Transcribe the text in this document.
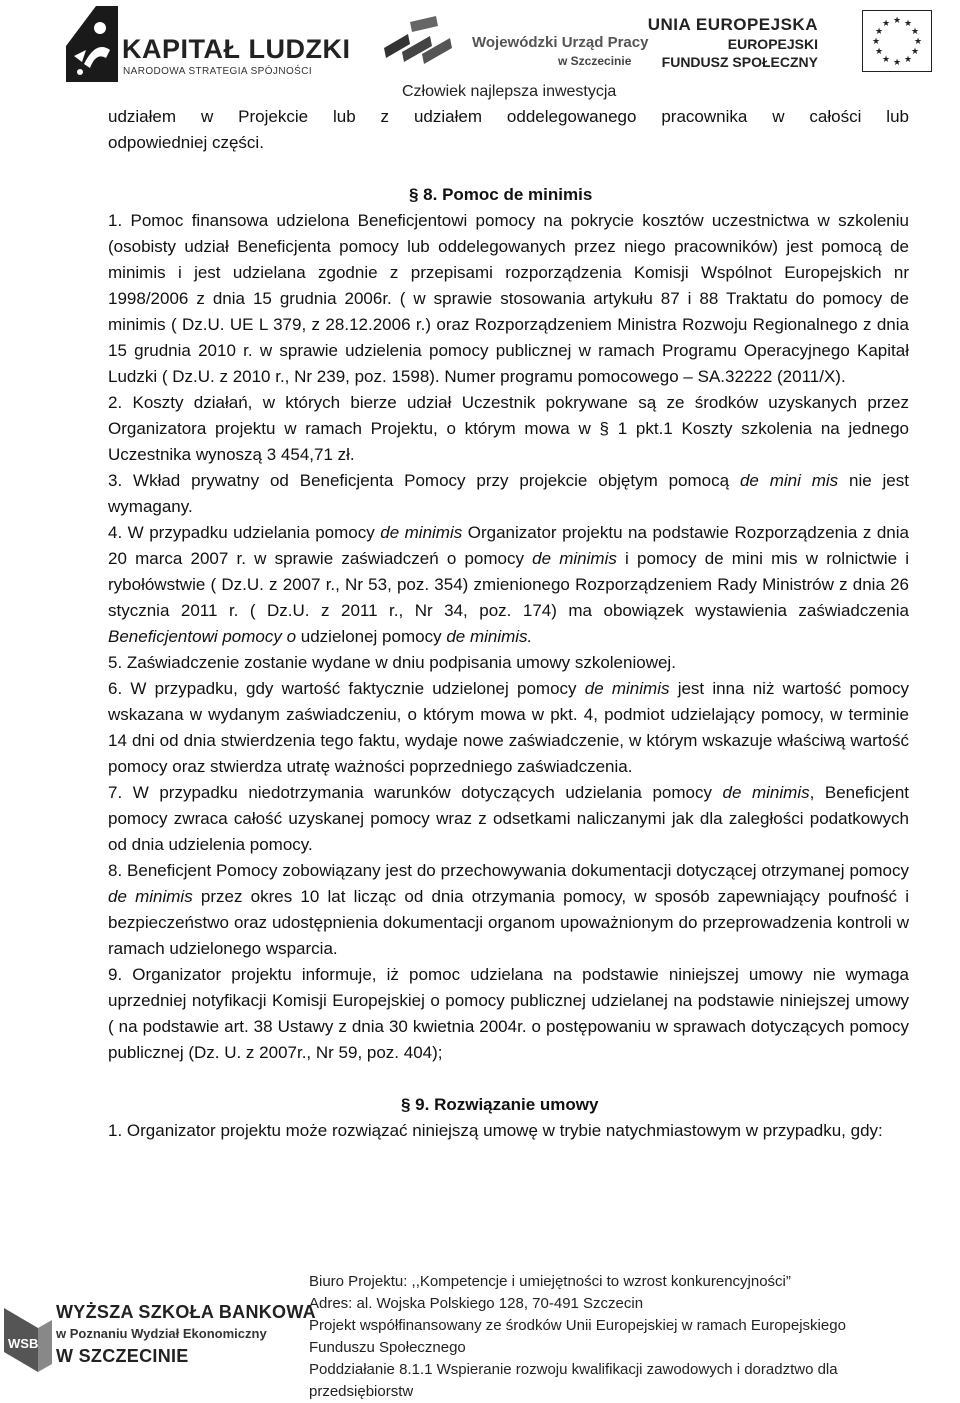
KAPITAŁ LUDZKI
NARODOWA STRATEGIA SPÓJNOŚCI
Wojewódzki Urząd Pracy
w Szczecinie
Człowiek najlepsza inwestycja
UNIA EUROPEJSKA
EUROPEJSKI
FUNDUSZ SPOŁECZNY
★ ★
★
★
★
★
★
★
★
★
★
★

udziałem w Projekcie lub z udziałem oddelegowanego pracownika w całości lub

odpowiedniej części.

§ 8. Pomoc de minimis

1. Pomoc finansowa udzielona Beneficjentowi pomocy na pokrycie kosztów uczestnictwa w szkoleniu (osobisty udział Beneficjenta pomocy lub oddelegowanych przez niego pracowników) jest pomocą de minimis i jest udzielana zgodnie z przepisami rozporządzenia Komisji Wspólnot Europejskich nr 1998/2006 z dnia 15 grudnia 2006r. ( w sprawie stosowania artykułu 87 i 88 Traktatu do pomocy de minimis ( Dz.U. UE L 379, z 28.12.2006 r.) oraz Rozporządzeniem Ministra Rozwoju Regionalnego z dnia 15 grudnia 2010 r. w sprawie udzielenia pomocy publicznej w ramach Programu Operacyjnego Kapitał Ludzki ( Dz.U. z 2010 r., Nr 239, poz. 1598). Numer programu pomocowego – SA.32222 (2011/X).

2. Koszty działań, w których bierze udział Uczestnik pokrywane są ze środków uzyskanych przez Organizatora projektu w ramach Projektu, o którym mowa w § 1 pkt.1 Koszty szkolenia na jednego Uczestnika wynoszą 3 454,71 zł.

3. Wkład prywatny od Beneficjenta Pomocy przy projekcie objętym pomocą de mini mis nie jest wymagany.

4. W przypadku udzielania pomocy de minimis Organizator projektu na podstawie Rozporządzenia z dnia 20 marca 2007 r. w sprawie zaświadczeń o pomocy de minimis i pomocy de mini mis w rolnictwie i rybołówstwie ( Dz.U. z 2007 r., Nr 53, poz. 354) zmienionego Rozporządzeniem Rady Ministrów z dnia 26 stycznia 2011 r. ( Dz.U. z 2011 r., Nr 34, poz. 174) ma obowiązek wystawienia zaświadczenia Beneficjentowi pomocy o udzielonej pomocy de minimis.

5. Zaświadczenie zostanie wydane w dniu podpisania umowy szkoleniowej.

6. W przypadku, gdy wartość faktycznie udzielonej pomocy de minimis jest inna niż wartość pomocy wskazana w wydanym zaświadczeniu, o którym mowa w pkt. 4, podmiot udzielający pomocy, w terminie 14 dni od dnia stwierdzenia tego faktu, wydaje nowe zaświadczenie, w którym wskazuje właściwą wartość pomocy oraz stwierdza utratę ważności poprzedniego zaświadczenia.

7. W przypadku niedotrzymania warunków dotyczących udzielania pomocy de minimis, Beneficjent pomocy zwraca całość uzyskanej pomocy wraz z odsetkami naliczanymi jak dla zaległości podatkowych od dnia udzielenia pomocy.

8. Beneficjent Pomocy zobowiązany jest do przechowywania dokumentacji dotyczącej otrzymanej pomocy de minimis przez okres 10 lat licząc od dnia otrzymania pomocy, w sposób zapewniający poufność i bezpieczeństwo oraz udostępnienia dokumentacji organom upoważnionym do przeprowadzenia kontroli w ramach udzielonego wsparcia.

9. Organizator projektu informuje, iż pomoc udzielana na podstawie niniejszej umowy nie wymaga uprzedniej notyfikacji Komisji Europejskiej o pomocy publicznej udzielanej na podstawie niniejszej umowy ( na podstawie art. 38 Ustawy z dnia 30 kwietnia 2004r. o postępowaniu w sprawach dotyczących pomocy publicznej (Dz. U. z 2007r., Nr 59, poz. 404);

§ 9. Rozwiązanie umowy

1. Organizator projektu może rozwiązać niniejszą umowę w trybie natychmiastowym w przypadku, gdy:

WSB
WYŻSZA SZKOŁA BANKOWA
w Poznaniu Wydział Ekonomiczny
W SZCZECINIE
Biuro Projektu: ,,Kompetencje i umiejętności to wzrost konkurencyjności”
Adres: al. Wojska Polskiego 128, 70-491 Szczecin
Projekt współfinansowany ze środków Unii Europejskiej w ramach Europejskiego
Funduszu Społecznego
Poddziałanie 8.1.1 Wspieranie rozwoju kwalifikacji zawodowych i doradztwo dla
przedsiębiorstw
